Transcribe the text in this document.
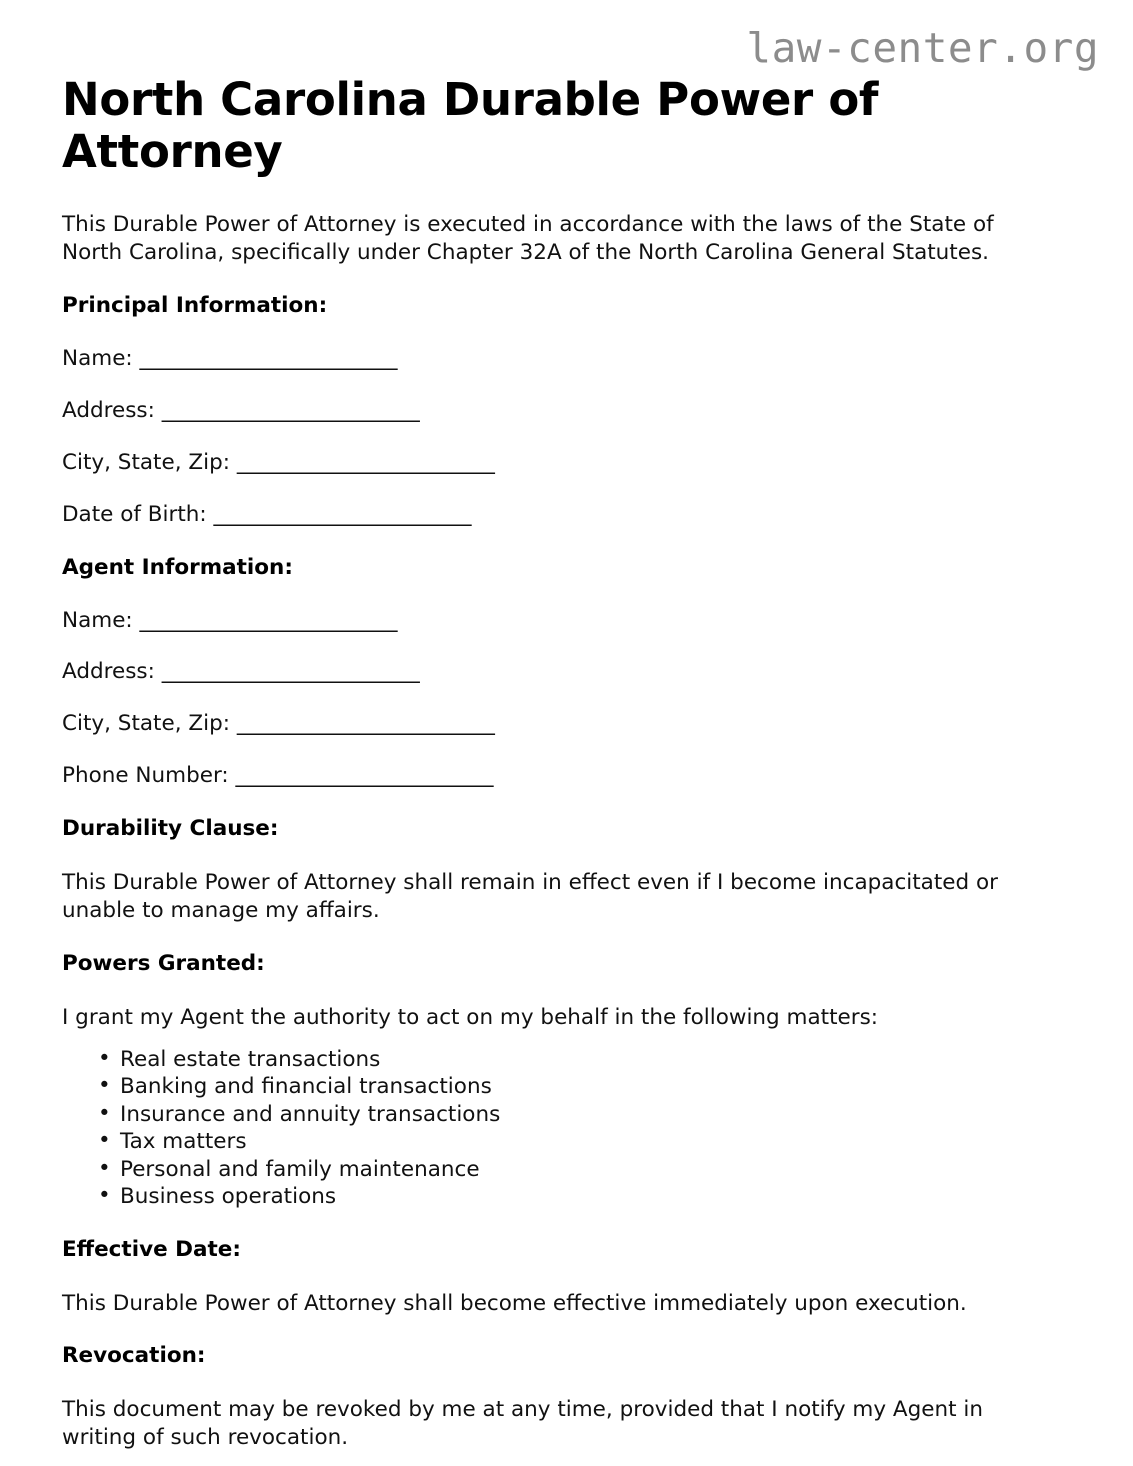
law-center.org
North Carolina Durable Power of Attorney

This Durable Power of Attorney is executed in accordance with the laws of the State of North Carolina, specifically under Chapter 32A of the North Carolina General Statutes.

Principal Information:
Name: ________________________
Address: ________________________
City, State, Zip: ________________________
Date of Birth: ________________________
Agent Information:
Name: ________________________
Address: ________________________
City, State, Zip: ________________________
Phone Number: ________________________
Durability Clause:

This Durable Power of Attorney shall remain in effect even if I become incapacitated or unable to manage my affairs.

Powers Granted:

I grant my Agent the authority to act on my behalf in the following matters:

• Real estate transactions
• Banking and financial transactions
• Insurance and annuity transactions
• Tax matters
• Personal and family maintenance
• Business operations
Effective Date:

This Durable Power of Attorney shall become effective immediately upon execution.

Revocation:

This document may be revoked by me at any time, provided that I notify my Agent in writing of such revocation.
